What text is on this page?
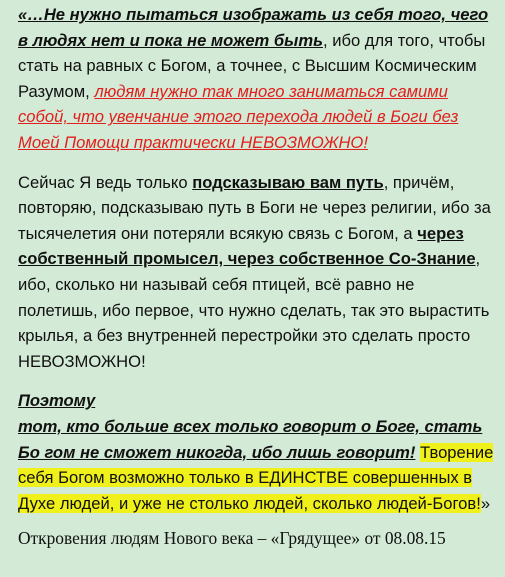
«…Не нужно пытаться изображать из себя того, чего в людях нет и пока не может быть, ибо для того, чтобы стать на равных с Богом, а точнее, с Высшим Космическим Разумом, людям нужно так много заниматься самими собой, что увенчание этого перехода людей в Боги без Моей Помощи практически НЕВОЗМОЖНО!

Сейчас Я ведь только подсказываю вам путь, причём, повторяю, подсказываю путь в Боги не через религии, ибо за тысячелетия они потеряли всякую связь с Богом, а через собственный промысел, через собственное Со-Знание, ибо, сколько ни называй себя птицей, всё равно не полетишь, ибо первое, что нужно сделать, так это вырастить крылья, а без внутренней перестройки это сделать просто НЕВОЗМОЖНО!

Поэтому
тот, кто больше всех только говорит о Боге, стать Бо гом не сможет никогда, ибо лишь говорит! Творение себя Богом возможно только в ЕДИНСТВЕ совершенных в Духе людей, и уже не столько людей, сколько людей-Богов!»

Откровения людям Нового века – «Грядущее» от 08.08.15
